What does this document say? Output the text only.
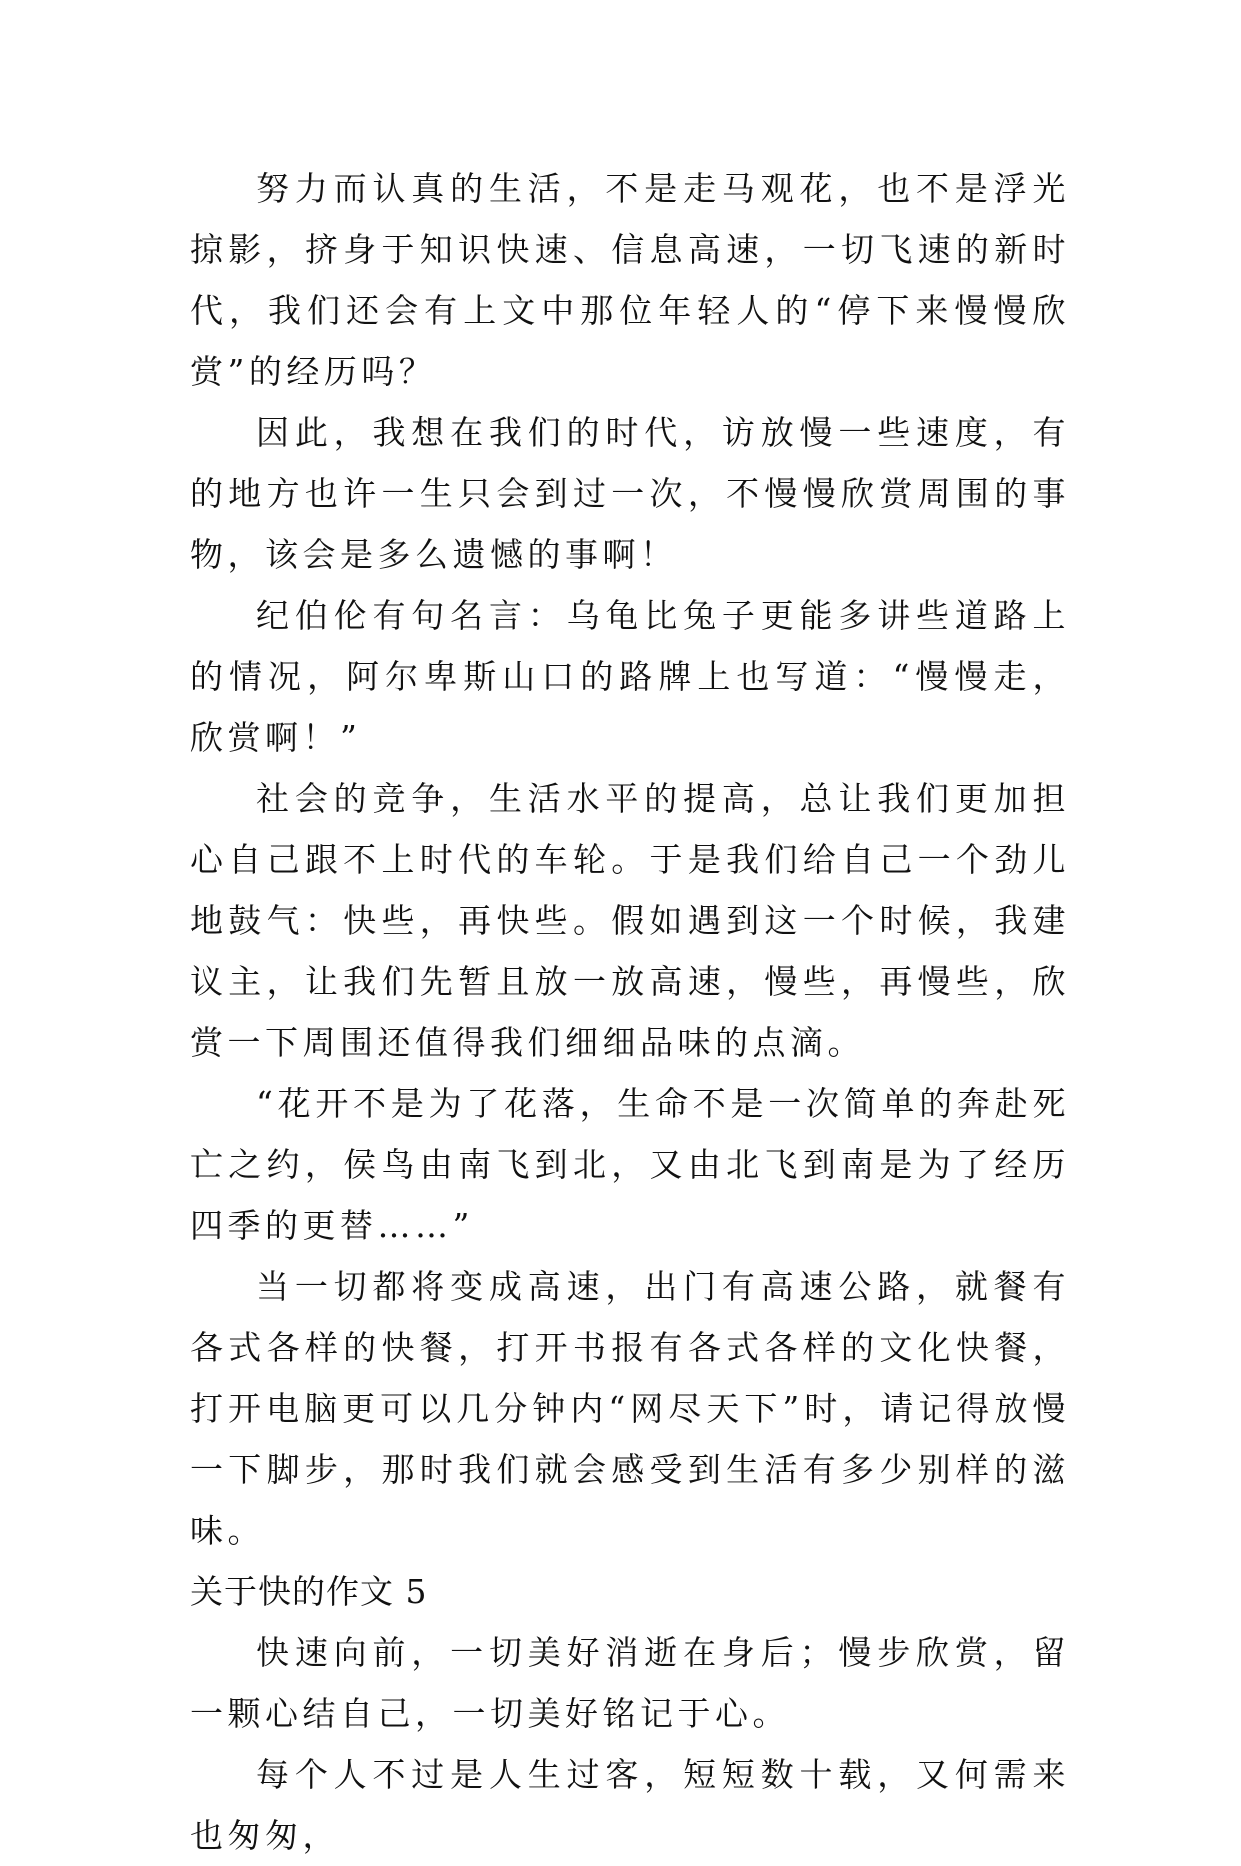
努力而认真的生活，不是走马观花，也不是浮光掠影，挤身于知识快速、信息高速，一切飞速的新时代，我们还会有上文中那位年轻人的“停下来慢慢欣赏”的经历吗？

因此，我想在我们的时代，访放慢一些速度，有的地方也许一生只会到过一次，不慢慢欣赏周围的事物，该会是多么遗憾的事啊！

纪伯伦有句名言：乌龟比兔子更能多讲些道路上的情况，阿尔卑斯山口的路牌上也写道：“慢慢走，欣赏啊！”

社会的竞争，生活水平的提高，总让我们更加担心自己跟不上时代的车轮。于是我们给自己一个劲儿地鼓气：快些，再快些。假如遇到这一个时候，我建议主，让我们先暂且放一放高速，慢些，再慢些，欣赏一下周围还值得我们细细品味的点滴。

“花开不是为了花落，生命不是一次简单的奔赴死亡之约，侯鸟由南飞到北，又由北飞到南是为了经历四季的更替……”

当一切都将变成高速，出门有高速公路，就餐有各式各样的快餐，打开书报有各式各样的文化快餐，打开电脑更可以几分钟内“网尽天下”时，请记得放慢一下脚步，那时我们就会感受到生活有多少别样的滋味。

关于快的作文 5

快速向前，一切美好消逝在身后；慢步欣赏，留一颗心结自己，一切美好铭记于心。

每个人不过是人生过客，短短数十载，又何需来也匆匆，
